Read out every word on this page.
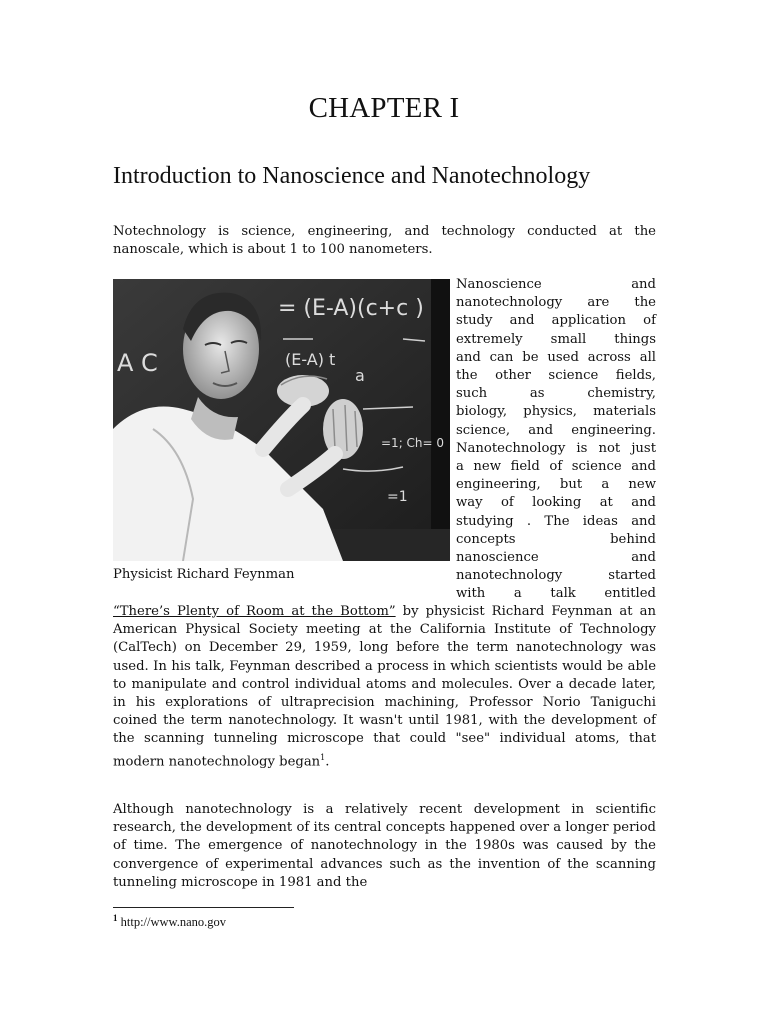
CHAPTER I
Introduction to Nanoscience and Nanotechnology
Notechnology is science, engineering, and technology conducted at the nanoscale, which is about 1 to 100 nanometers.
= (E-A)(c+c )
A C	(E-A) t
a
=1; Ch= 0
=1
Physicist Richard Feynman
Nanoscience and
nanotechnology are the
study and application of
extremely small things
and can be used across all
the other science fields,
such as chemistry,
biology, physics, materials
science, and engineering.
Nanotechnology is not just
a new field of science and
engineering, but a new
way of looking at and
studying . The ideas and
concepts behind
nanoscience and
nanotechnology started
with a talk entitled
“There’s Plenty of Room at the Bottom” by physicist Richard Feynman at an American Physical Society meeting at the California Institute of Technology (CalTech) on December 29, 1959, long before the term nanotechnology was used. In his talk, Feynman described a process in which scientists would be able to manipulate and control individual atoms and molecules. Over a decade later, in his explorations of ultraprecision machining, Professor Norio Taniguchi coined the term nanotechnology. It wasn't until 1981, with the development of the scanning tunneling microscope that could "see" individual atoms, that modern nanotechnology began$^1$.
Although nanotechnology is a relatively recent development in scientific research, the development of its central concepts happened over a longer period of time. The emergence of nanotechnology in the 1980s was caused by the convergence of experimental advances such as the invention of the scanning tunneling microscope in 1981 and the
$^1$ http://www.nano.gov
